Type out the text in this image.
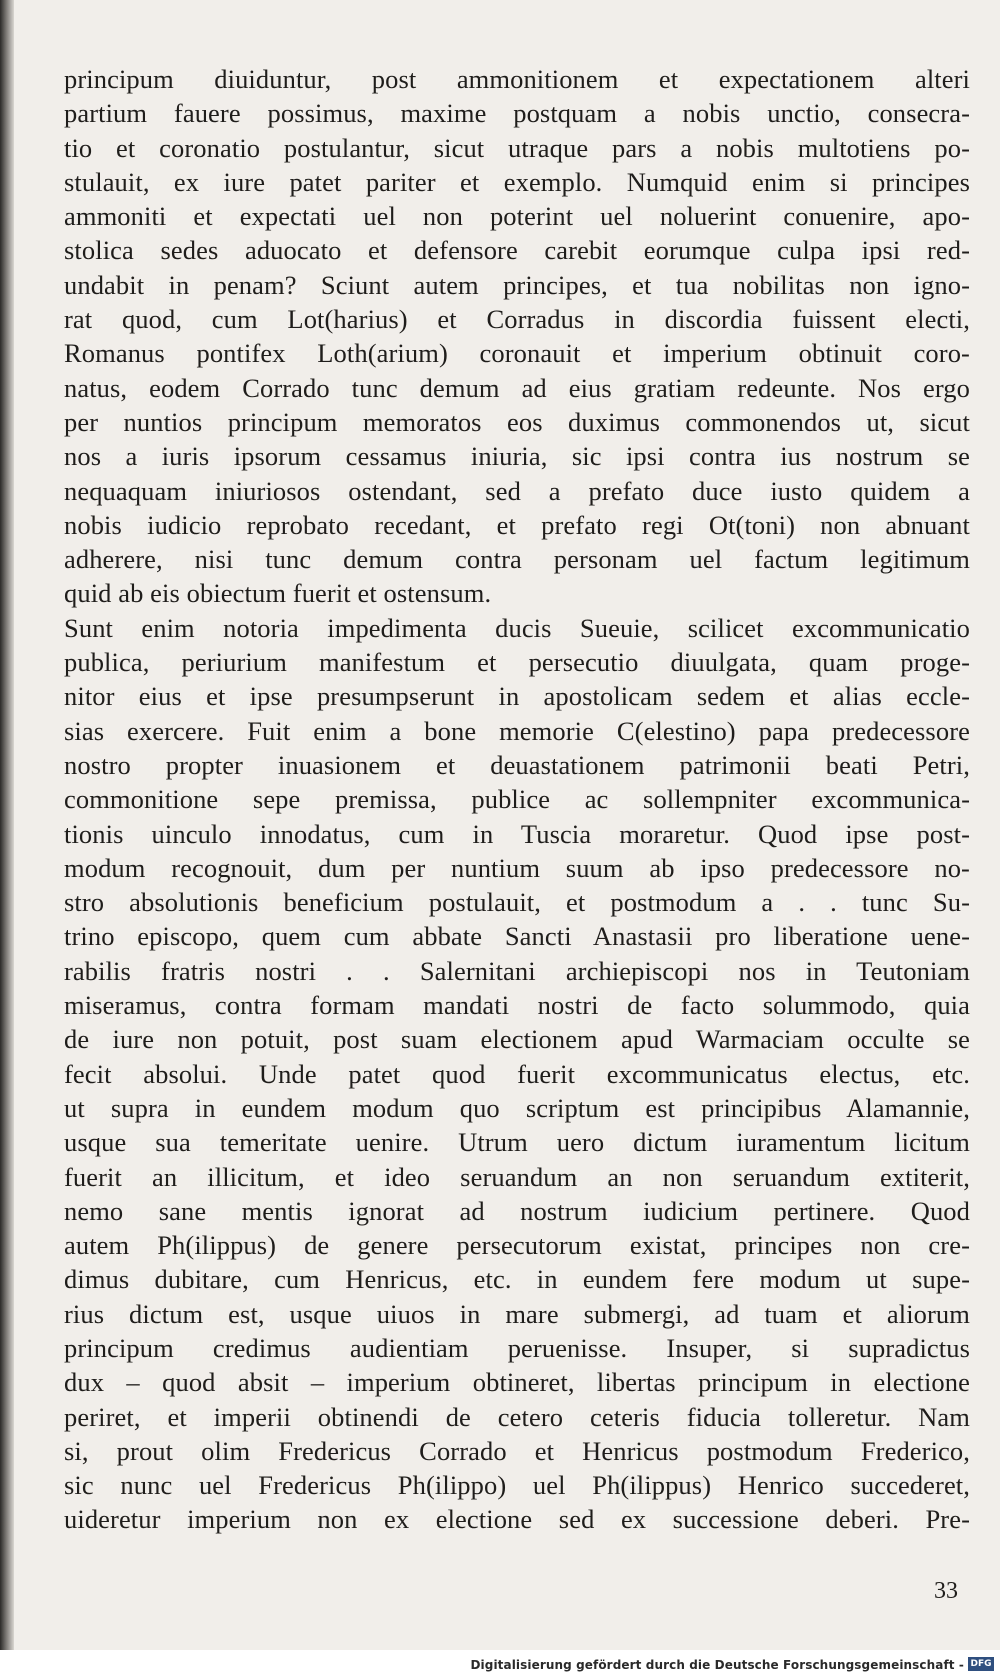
principum diuiduntur, post ammonitionem et expectationem alteri
partium fauere possimus, maxime postquam a nobis unctio, consecra-
tio et coronatio postulantur, sicut utraque pars a nobis multotiens po-
stulauit, ex iure patet pariter et exemplo. Numquid enim si principes
ammoniti et expectati uel non poterint uel noluerint conuenire, apo-
stolica sedes aduocato et defensore carebit eorumque culpa ipsi red-
undabit in penam? Sciunt autem principes, et tua nobilitas non igno-
rat quod, cum Lot(harius) et Corradus in discordia fuissent electi,
Romanus pontifex Loth(arium) coronauit et imperium obtinuit coro-
natus, eodem Corrado tunc demum ad eius gratiam redeunte. Nos ergo
per nuntios principum memoratos eos duximus commonendos ut, sicut
nos a iuris ipsorum cessamus iniuria, sic ipsi contra ius nostrum se
nequaquam iniuriosos ostendant, sed a prefato duce iusto quidem a
nobis iudicio reprobato recedant, et prefato regi Ot(toni) non abnuant
adherere, nisi tunc demum contra personam uel factum legitimum
quid ab eis obiectum fuerit et ostensum.
Sunt enim notoria impedimenta ducis Sueuie, scilicet excommunicatio
publica, periurium manifestum et persecutio diuulgata, quam proge-
nitor eius et ipse presumpserunt in apostolicam sedem et alias eccle-
sias exercere. Fuit enim a bone memorie C(elestino) papa predecessore
nostro propter inuasionem et deuastationem patrimonii beati Petri,
commonitione sepe premissa, publice ac sollempniter excommunica-
tionis uinculo innodatus, cum in Tuscia moraretur. Quod ipse post-
modum recognouit, dum per nuntium suum ab ipso predecessore no-
stro absolutionis beneficium postulauit, et postmodum a . . tunc Su-
trino episcopo, quem cum abbate Sancti Anastasii pro liberatione uene-
rabilis fratris nostri . . Salernitani archiepiscopi nos in Teutoniam
miseramus, contra formam mandati nostri de facto solummodo, quia
de iure non potuit, post suam electionem apud Warmaciam occulte se
fecit absolui. Unde patet quod fuerit excommunicatus electus, etc.
ut supra in eundem modum quo scriptum est principibus Alamannie,
usque sua temeritate uenire. Utrum uero dictum iuramentum licitum
fuerit an illicitum, et ideo seruandum an non seruandum extiterit,
nemo sane mentis ignorat ad nostrum iudicium pertinere. Quod
autem Ph(ilippus) de genere persecutorum existat, principes non cre-
dimus dubitare, cum Henricus, etc. in eundem fere modum ut supe-
rius dictum est, usque uiuos in mare submergi, ad tuam et aliorum
principum credimus audientiam peruenisse. Insuper, si supradictus
dux – quod absit – imperium obtineret, libertas principum in electione
periret, et imperii obtinendi de cetero ceteris fiducia tolleretur. Nam
si, prout olim Fredericus Corrado et Henricus postmodum Frederico,
sic nunc uel Fredericus Ph(ilippo) uel Ph(ilippus) Henrico succederet,
uideretur imperium non ex electione sed ex successione deberi. Pre-
33
Digitalisierung gefördert durch die Deutsche Forschungsgemeinschaft - DFG
